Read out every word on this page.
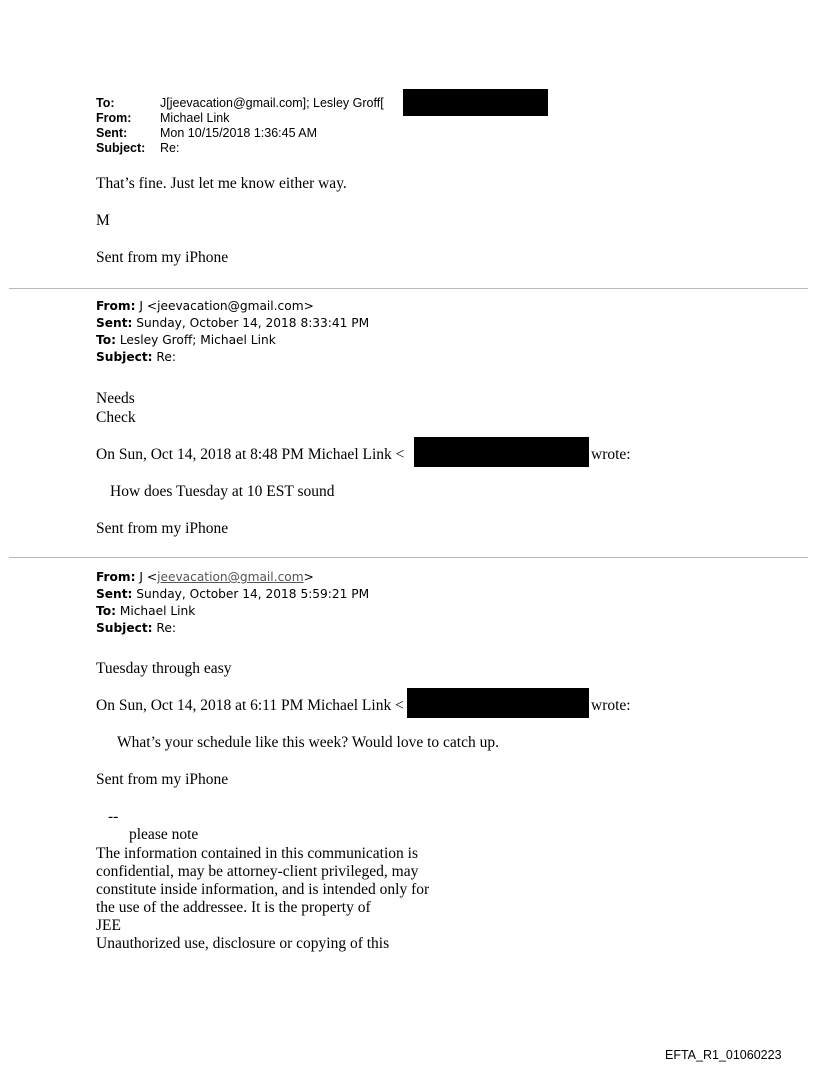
To:	J[jeevacation@gmail.com]; Lesley Groff[
From: Michael Link
Sent:	Mon 10/15/2018 1:36:45 AM
Subject: Re:
That’s fine. Just let me know either way.
M
Sent from my iPhone
From: J <jeevacation@gmail.com>
Sent: Sunday, October 14, 2018 8:33:41 PM
To: Lesley Groff; Michael Link
Subject: Re:
Needs
Check
On Sun, Oct 14, 2018 at 8:48 PM Michael Link <	wrote:
How does Tuesday at 10 EST sound
Sent from my iPhone
From: J <jeevacation@gmail.com>
Sent: Sunday, October 14, 2018 5:59:21 PM
To: Michael Link
Subject: Re:
Tuesday through easy
On Sun, Oct 14, 2018 at 6:11 PM Michael Link <	wrote:
What’s your schedule like this week? Would love to catch up.
Sent from my iPhone
--
please note
The information contained in this communication is
confidential, may be attorney-client privileged, may
constitute inside information, and is intended only for
the use of the addressee. It is the property of
JEE
Unauthorized use, disclosure or copying of this
EFTA_R1_01060223
